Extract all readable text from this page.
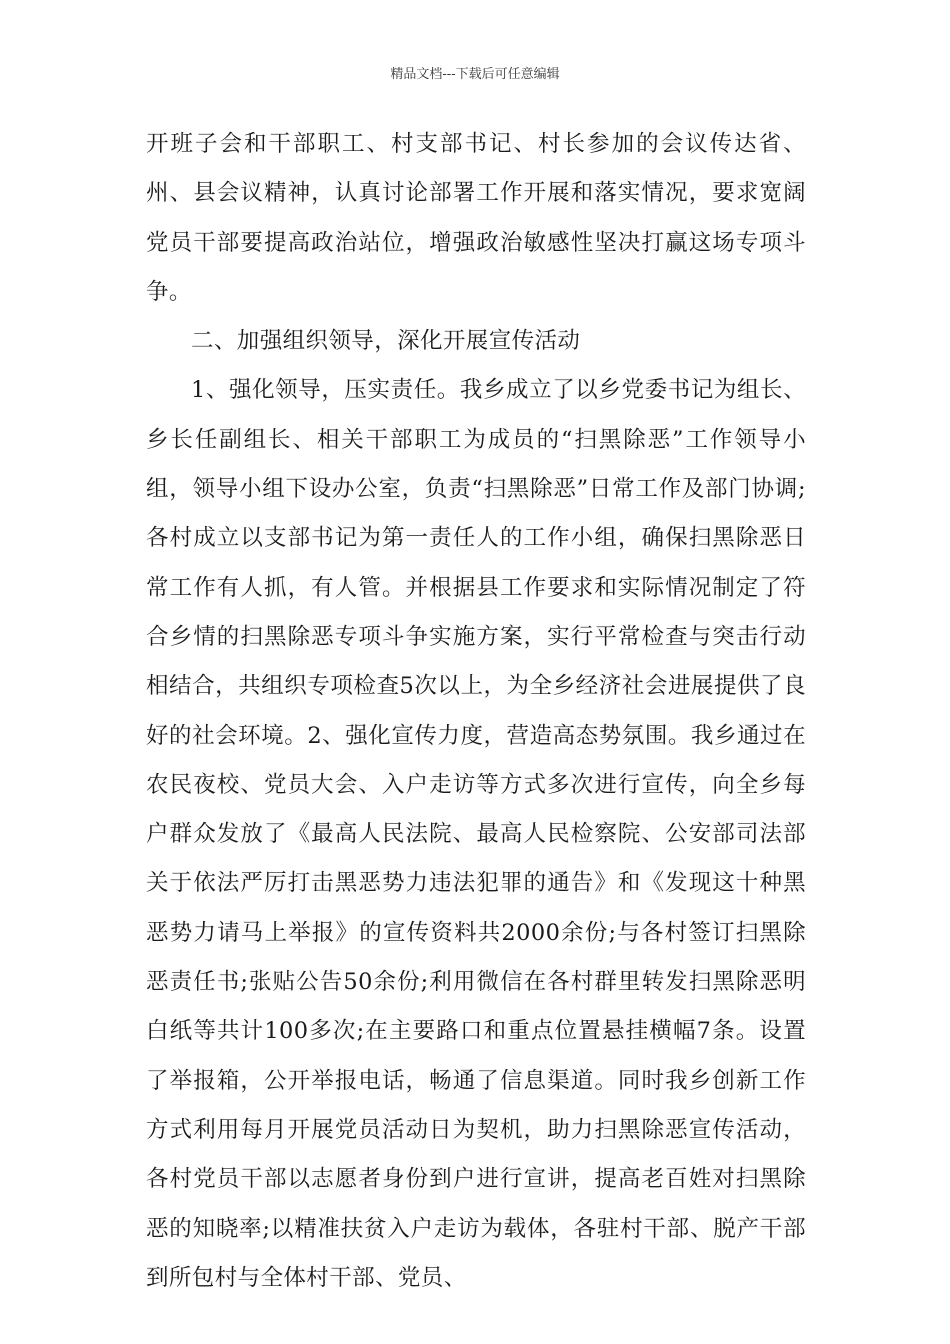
精品文档---下载后可任意编辑

开班子会和干部职工、村支部书记、村长参加的会议传达省、州、县会议精神，认真讨论部署工作开展和落实情况，要求宽阔党员干部要提高政治站位，增强政治敏感性坚决打赢这场专项斗争。

二、加强组织领导，深化开展宣传活动

1、强化领导，压实责任。我乡成立了以乡党委书记为组长、乡长任副组长、相关干部职工为成员的“扫黑除恶”工作领导小组，领导小组下设办公室，负责“扫黑除恶”日常工作及部门协调;各村成立以支部书记为第一责任人的工作小组，确保扫黑除恶日常工作有人抓，有人管。并根据县工作要求和实际情况制定了符合乡情的扫黑除恶专项斗争实施方案，实行平常检查与突击行动相结合，共组织专项检查5次以上，为全乡经济社会进展提供了良好的社会环境。2、强化宣传力度，营造高态势氛围。我乡通过在农民夜校、党员大会、入户走访等方式多次进行宣传，向全乡每户群众发放了《最高人民法院、最高人民检察院、公安部司法部关于依法严厉打击黑恶势力违法犯罪的通告》和《发现这十种黑恶势力请马上举报》的宣传资料共2000余份;与各村签订扫黑除恶责任书;张贴公告50余份;利用微信在各村群里转发扫黑除恶明白纸等共计100多次;在主要路口和重点位置悬挂横幅7条。设置了举报箱，公开举报电话，畅通了信息渠道。同时我乡创新工作方式利用每月开展党员活动日为契机，助力扫黑除恶宣传活动，各村党员干部以志愿者身份到户进行宣讲，提高老百姓对扫黑除恶的知晓率;以精准扶贫入户走访为载体，各驻村干部、脱产干部到所包村与全体村干部、党员、
